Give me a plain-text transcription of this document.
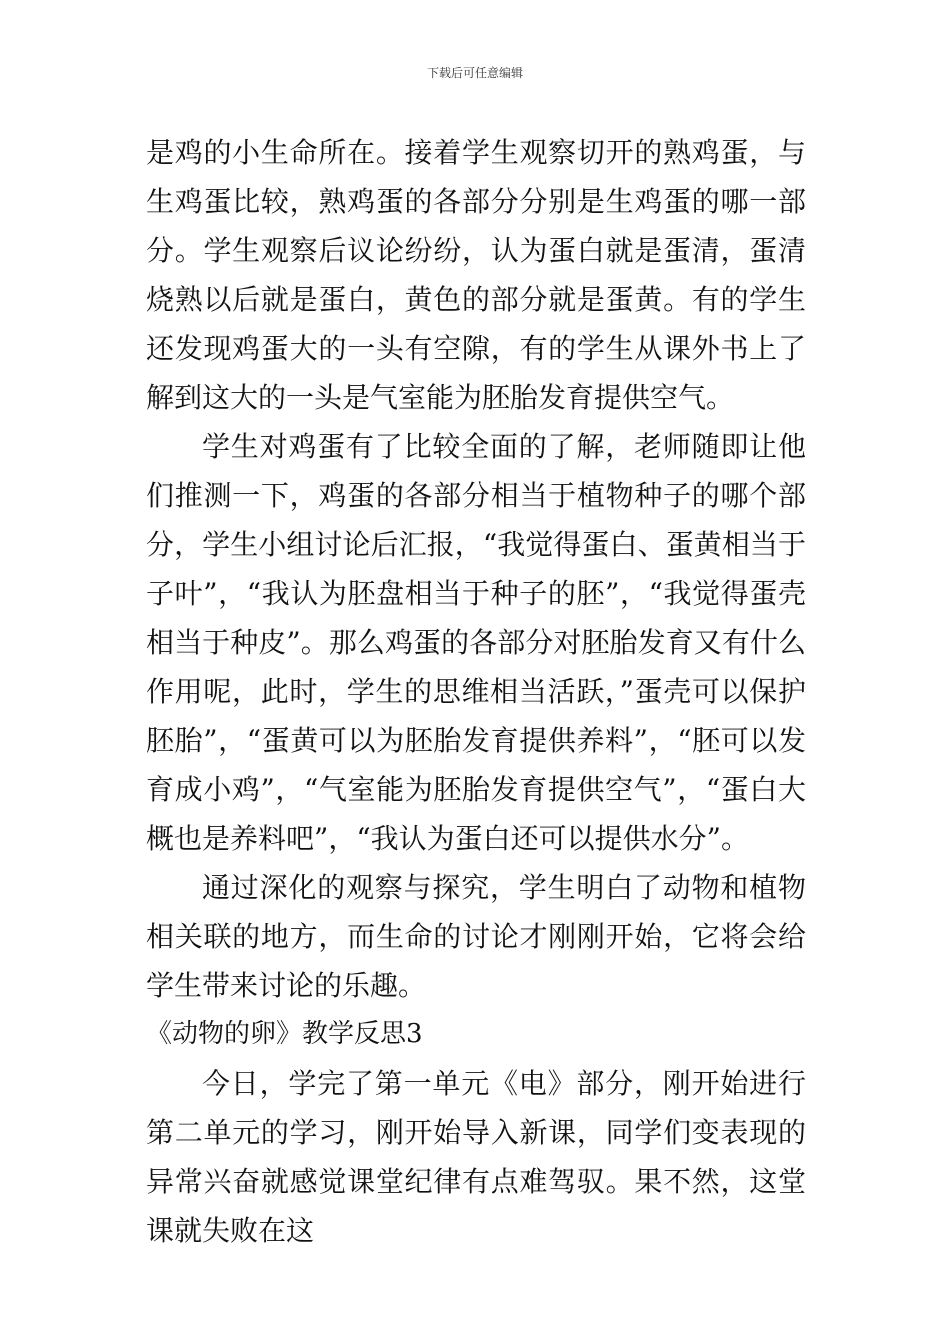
下载后可任意编辑

是鸡的小生命所在。接着学生观察切开的熟鸡蛋，与生鸡蛋比较，熟鸡蛋的各部分分别是生鸡蛋的哪一部分。学生观察后议论纷纷，认为蛋白就是蛋清，蛋清烧熟以后就是蛋白，黄色的部分就是蛋黄。有的学生还发现鸡蛋大的一头有空隙，有的学生从课外书上了解到这大的一头是气室能为胚胎发育提供空气。

学生对鸡蛋有了比较全面的了解，老师随即让他们推测一下，鸡蛋的各部分相当于植物种子的哪个部分，学生小组讨论后汇报，“我觉得蛋白、蛋黄相当于子叶”，“我认为胚盘相当于种子的胚”，“我觉得蛋壳相当于种皮”。那么鸡蛋的各部分对胚胎发育又有什么作用呢，此时，学生的思维相当活跃，”蛋壳可以保护胚胎”，“蛋黄可以为胚胎发育提供养料”，“胚可以发育成小鸡”，“气室能为胚胎发育提供空气”，“蛋白大概也是养料吧”，“我认为蛋白还可以提供水分”。

通过深化的观察与探究，学生明白了动物和植物相关联的地方，而生命的讨论才刚刚开始，它将会给学生带来讨论的乐趣。

《动物的卵》教学反思3

今日，学完了第一单元《电》部分，刚开始进行第二单元的学习，刚开始导入新课，同学们变表现的异常兴奋就感觉课堂纪律有点难驾驭。果不然，这堂课就失败在这
